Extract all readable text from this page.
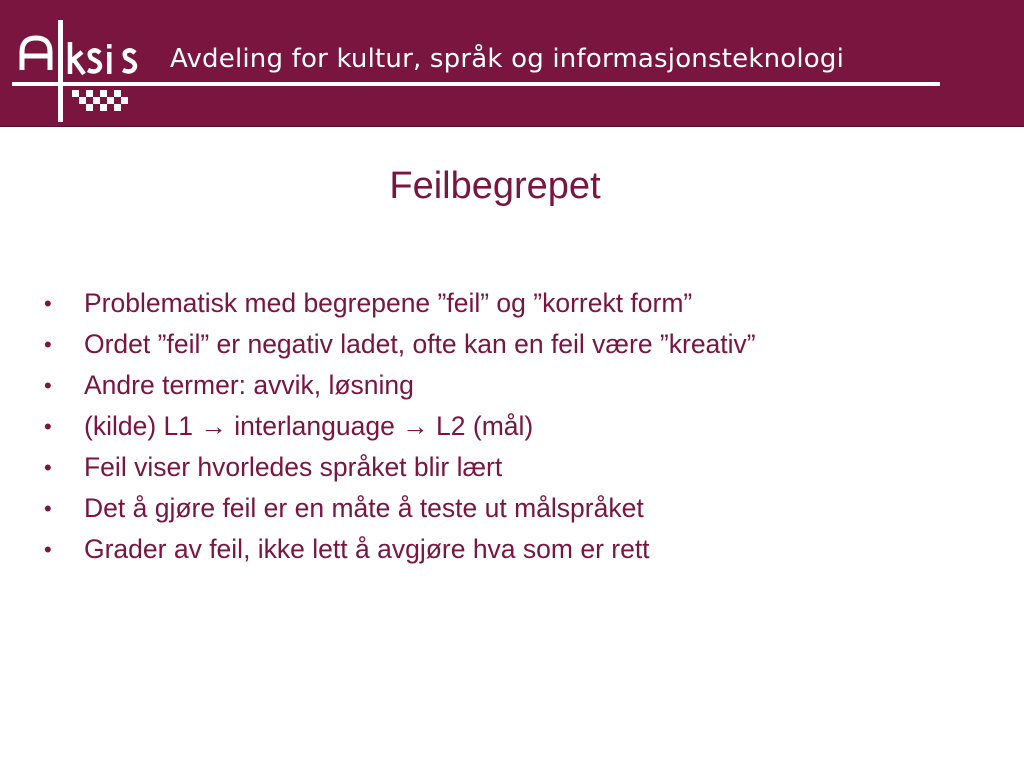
Avdeling for kultur, språk og informasjonsteknologi
Feilbegrepet
• Problematisk med begrepene ”feil” og ”korrekt form”
• Ordet ”feil” er negativ ladet, ofte kan en feil være ”kreativ”
• Andre termer: avvik, løsning
• (kilde) L1 → interlanguage → L2 (mål)
• Feil viser hvorledes språket blir lært
• Det å gjøre feil er en måte å teste ut målspråket
• Grader av feil, ikke lett å avgjøre hva som er rett
